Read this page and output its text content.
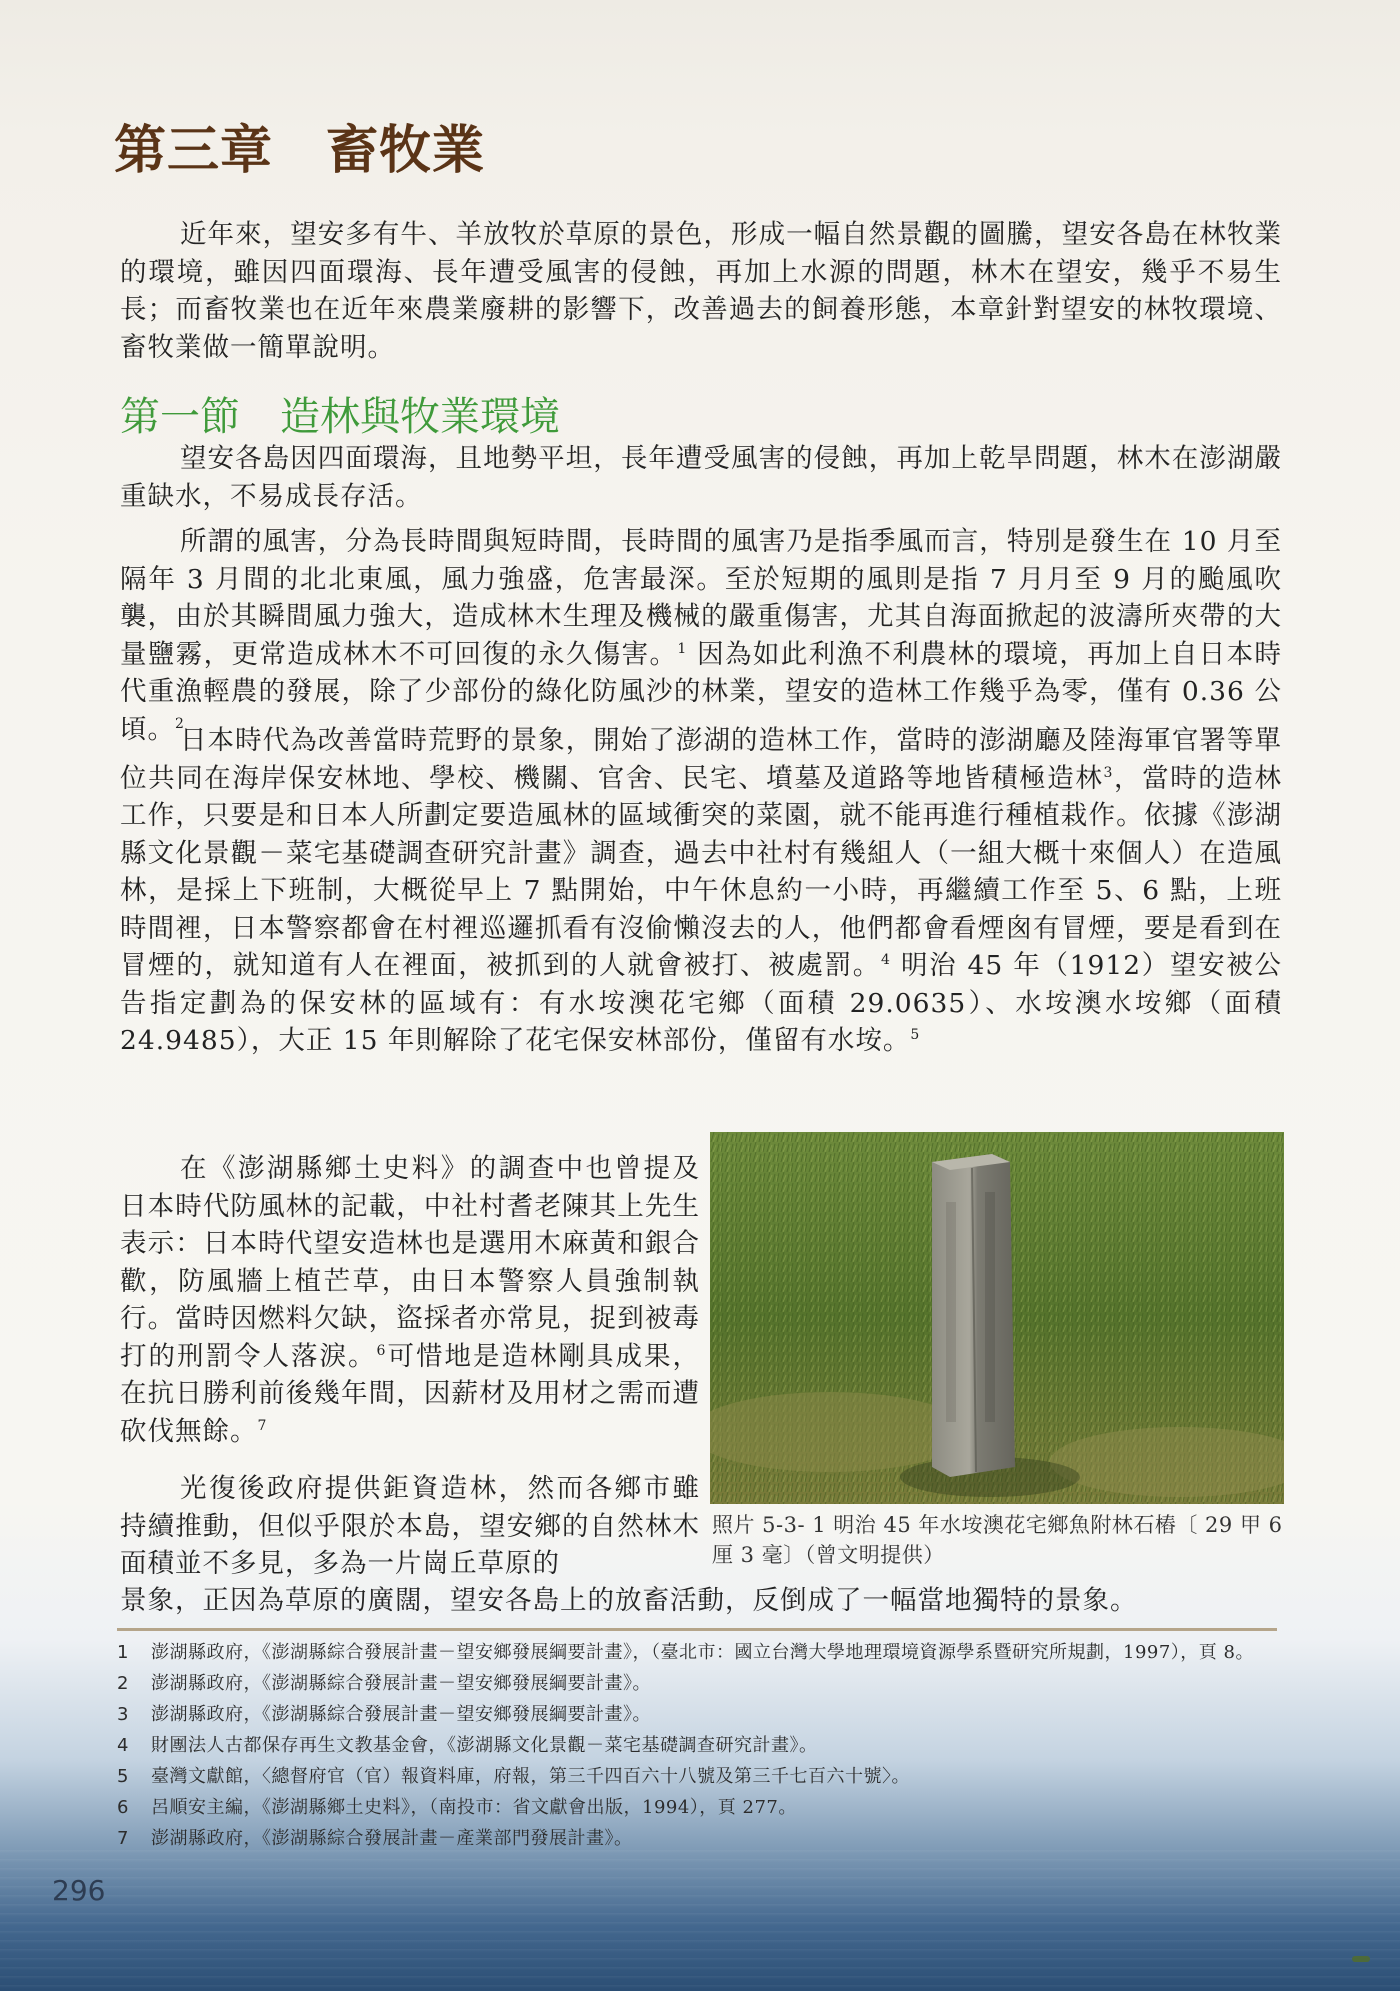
第三章　畜牧業

近年來，望安多有牛、羊放牧於草原的景色，形成一幅自然景觀的圖騰，望安各島在林牧業的環境，雖因四面環海、長年遭受風害的侵蝕，再加上水源的問題，林木在望安，幾乎不易生長；而畜牧業也在近年來農業廢耕的影響下，改善過去的飼養形態，本章針對望安的林牧環境、畜牧業做一簡單說明。

第一節　造林與牧業環境

望安各島因四面環海，且地勢平坦，長年遭受風害的侵蝕，再加上乾旱問題，林木在澎湖嚴重缺水，不易成長存活。

所謂的風害，分為長時間與短時間，長時間的風害乃是指季風而言，特別是發生在 10 月至隔年 3 月間的北北東風，風力強盛，危害最深。至於短期的風則是指 7 月月至 9 月的颱風吹襲，由於其瞬間風力強大，造成林木生理及機械的嚴重傷害，尤其自海面掀起的波濤所夾帶的大量鹽霧，更常造成林木不可回復的永久傷害。$^1$ 因為如此利漁不利農林的環境，再加上自日本時代重漁輕農的發展，除了少部份的綠化防風沙的林業，望安的造林工作幾乎為零，僅有 0.36 公頃。$^2$

日本時代為改善當時荒野的景象，開始了澎湖的造林工作，當時的澎湖廳及陸海軍官署等單位共同在海岸保安林地、學校、機關、官舍、民宅、墳墓及道路等地皆積極造林$^3$，當時的造林工作，只要是和日本人所劃定要造風林的區域衝突的菜園，就不能再進行種植栽作。依據《澎湖縣文化景觀－菜宅基礎調查研究計畫》調查，過去中社村有幾組人（一組大概十來個人）在造風林，是採上下班制，大概從早上 7 點開始，中午休息約一小時，再繼續工作至 5、6 點，上班時間裡，日本警察都會在村裡巡邏抓看有沒偷懶沒去的人，他們都會看煙囪有冒煙，要是看到在冒煙的，就知道有人在裡面，被抓到的人就會被打、被處罰。$^4$ 明治 45 年（1912）望安被公告指定劃為的保安林的區域有：有水垵澳花宅鄉（面積 29.0635）、水垵澳水垵鄉（面積 24.9485），大正 15 年則解除了花宅保安林部份，僅留有水垵。$^5$

在《澎湖縣鄉土史料》的調查中也曾提及日本時代防風林的記載，中社村耆老陳其上先生表示：日本時代望安造林也是選用木麻黃和銀合歡，防風牆上植芒草，由日本警察人員強制執行。當時因燃料欠缺，盜採者亦常見，捉到被毒打的刑罰令人落淚。$^6$可惜地是造林剛具成果，在抗日勝利前後幾年間，因薪材及用材之需而遭砍伐無餘。$^7$

照片 5-3- 1 明治 45 年水垵澳花宅鄉魚附林石樁〔 29 甲 6 厘 3 毫〕（曾文明提供）

光復後政府提供鉅資造林，然而各鄉市雖持續推動，但似乎限於本島，望安鄉的自然林木面積並不多見，多為一片崗丘草原的

景象，正因為草原的廣闊，望安各島上的放畜活動，反倒成了一幅當地獨特的景象。

1	澎湖縣政府，《澎湖縣綜合發展計畫－望安鄉發展綱要計畫》，（臺北市：國立台灣大學地理環境資源學系暨研究所規劃，1997），頁 8。
2	澎湖縣政府，《澎湖縣綜合發展計畫－望安鄉發展綱要計畫》。
3	澎湖縣政府，《澎湖縣綜合發展計畫－望安鄉發展綱要計畫》。
4	財團法人古都保存再生文教基金會，《澎湖縣文化景觀－菜宅基礎調查研究計畫》。
5	臺灣文獻館，〈總督府官（官）報資料庫，府報，第三千四百六十八號及第三千七百六十號〉。
6	呂順安主編，《澎湖縣鄉土史料》，（南投市：省文獻會出版，1994），頁 277。
7	澎湖縣政府，《澎湖縣綜合發展計畫－產業部門發展計畫》。
296
